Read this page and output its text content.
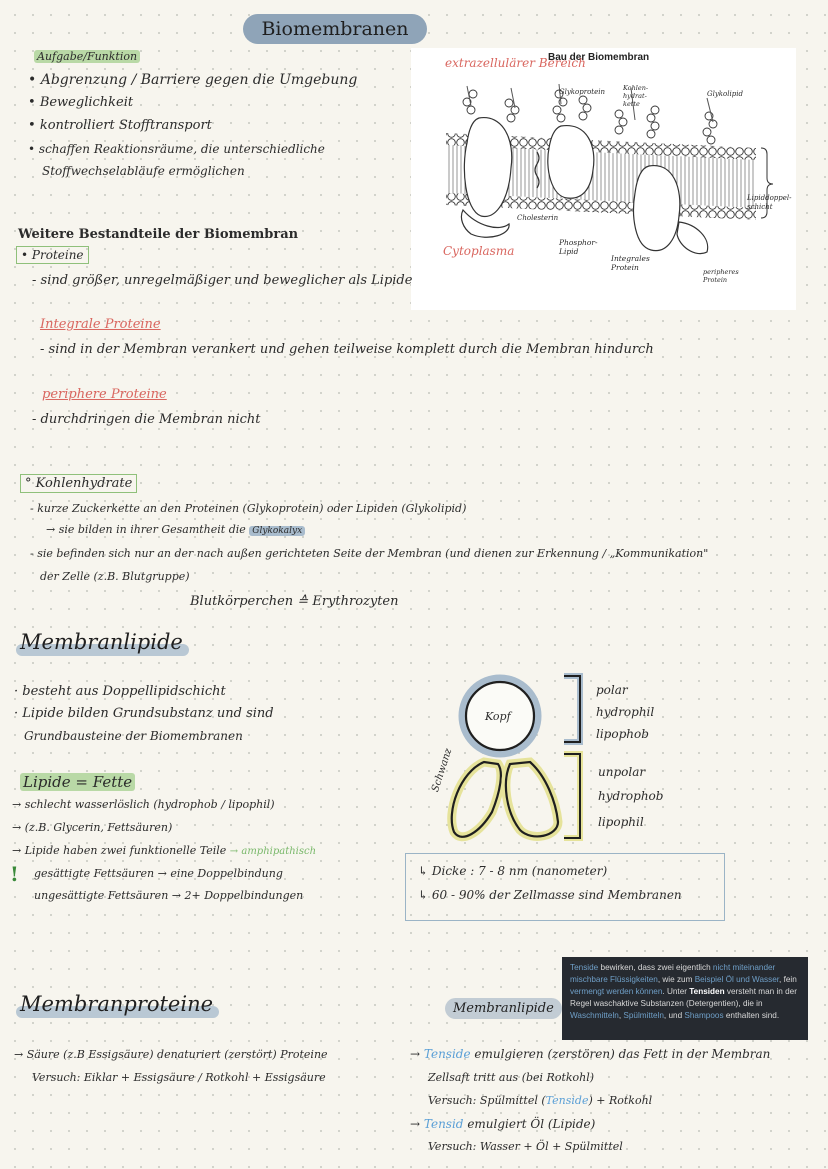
Biomembranen
Aufgabe/Funktion
• Abgrenzung / Barriere gegen die Umgebung
• Beweglichkeit
• kontrolliert Stofftransport
• schaffen Reaktionsräume, die unterschiedliche
Stoffwechselabläufe ermöglichen
extrazellulärer Bereich
Bau der Biomembran
Glykoprotein	Kohlen-hydrat-kette
Glykolipid
Cholesterin
Cytoplasma
Phosphor-Lipid
Integrales Protein
Lipiddoppel-schicht
peripheres Protein
Weitere Bestandteile der Biomembran
• Proteine
- sind größer, unregelmäßiger und beweglicher als Lipide
Integrale Proteine
- sind in der Membran verankert und gehen teilweise komplett durch die Membran hindurch
periphere Proteine
- durchdringen die Membran nicht
° Kohlenhydrate
- kurze Zuckerkette an den Proteinen (Glykoprotein) oder Lipiden (Glykolipid)
→ sie bilden in ihrer Gesamtheit die Glykokalyx
- sie befinden sich nur an der nach außen gerichteten Seite der Membran (und dienen zur Erkennung / „Kommunikation"
der Zelle (z.B. Blutgruppe)
Blutkörperchen ≙ Erythrozyten
Membranlipide
· besteht aus Doppellipidschicht
· Lipide bilden Grundsubstanz und sind
Grundbausteine der Biomembranen
Lipide = Fette
→ schlecht wasserlöslich (hydrophob / lipophil)
→ (z.B. Glycerin, Fettsäuren)
→ Lipide haben zwei funktionelle Teile → amphipathisch
! gesättigte Fettsäuren → eine Doppelbindung
ungesättigte Fettsäuren → 2+ Doppelbindungen
Kopf
Schwanz
polar
hydrophil
lipophob
unpolar
hydrophob
lipophil
↳ Dicke : 7 - 8 nm (nanometer)
↳ 60 - 90% der Zellmasse sind Membranen
Tenside bewirken, dass zwei eigentlich nicht miteinander mischbare Flüssigkeiten, wie zum Beispiel Öl und Wasser, fein vermengt werden können. Unter Tensiden versteht man in der Regel waschaktive Substanzen (Detergentien), die in Waschmitteln, Spülmitteln, und Shampoos enthalten sind.
Membranproteine
→ Säure (z.B Essigsäure) denaturiert (zerstört) Proteine
Versuch: Eiklar + Essigsäure / Rotkohl + Essigsäure
Membranlipide
→ Tenside emulgieren (zerstören) das Fett in der Membran
Zellsaft tritt aus (bei Rotkohl)
Versuch: Spülmittel (Tenside) + Rotkohl
→ Tensid emulgiert Öl (Lipide)
Versuch: Wasser + Öl + Spülmittel
